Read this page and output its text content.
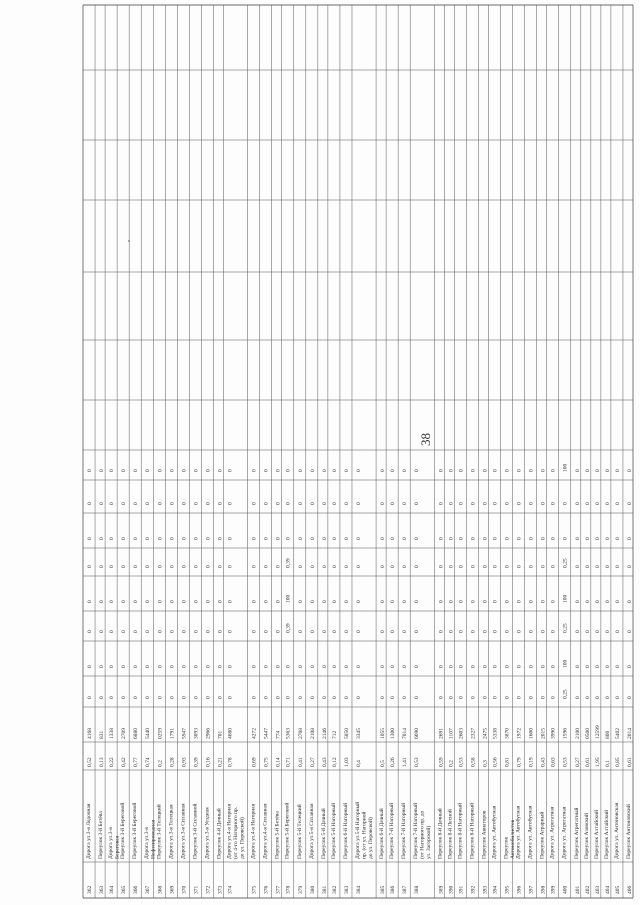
362
Дорога ул.3-я Лодочная
0,52
4168
0
0
0
0
0
0
0
0
363
Переулок 3-й Бетёва
0,13
831
0
0
0
0
0
0
0
0
364
Дорога ул.3-я Береговая
0,22
1338
0
0
0
0
0
0
0
0
365
Переулок 3-й Береговой
0,42
2709
0
0
0
0
0
0
0
0
366
Переулок 3-й Береговой
0,77
6880
0
0
0
0
0
0
0
0
367
Дорога ул.3-я Нефтепроводная
0,74
5440
0
0
0
0
0
0
0
0
368
Переулок 3-й Телецкий
0,2
0259
0
0
0
0
0
0
0
0
369
Дорога ул.3-я Телецкая
0,28
1791
0
0
0
0
0
0
0
0
370
Дорога ул.3-я Сплавная
0,93
5947
0
0
0
0
0
0
0
0
371
Переулок 3-й Сплавной
0,39
3093
0
0
0
0
0
0
0
0
372
Дорога ул.3-я Уездная
0,16
2966
0
0
0
0
0
0
0
0
373
Переулок 4-й Дачный
0,21
701
0
0
0
0
0
0
0
0
374
Дорога ул.4-я Нагорная (от 4-го Нагорного пр. до ул. Перовской)
0,78
4680
0
0
0
0
0
0
0
0
375
Дорога ул.4-я Нагорная
0,69
4272
0
0
0
0
0
0
0
0
376
Дорога ул.4-я Сплавная
0,75
5447
0
0
0
0
0
0
0
0
377
Переулок 5-й Бетёва
0,14
774
0
0
0
0
0
0
0
0
378
Переулок 5-й Береговой
0,71
5363
0
0
0,39
100
0,39
0
0
0
379
Переулок 5-й Телецкий
0,41
2708
0
0
0
0
0
0
0
0
380
Дорога ул.5-я Сплавная
0,27
2108
0
0
0
0
0
0
0
0
381
Переулок 5-й Дачный
0,43
2146
0
0
0
0
0
0
0
0
382
Переулок 5-й Нагорный
0,12
712
0
0
0
0
0
0
0
0
383
Переулок 6-й Нагорный
1,03
5850
0
0
0
0
0
0
0
0
384
Дорога ул.5-й Нагорный пр. (от ул. Нагорной до ул. Перовской)
0,4
3345
0
0
0
0
0
0
0
0
385
Переулок 6-й Дачный
0,5
1055
0
0
0
0
0
0
0
0
386
Переулок 7-й Нагорный
0,26
1300
0
0
0
0
0
0
0
0
387
Переулок 7-й Нагорный
1,41
7014
0
0
0
0
0
0
0
0
388
Переулок 7-й Нагорный (от Нагорного пр. до ул. Загорской)
0,53
6690
0
0
0
0
0
0
0
0
389
Переулок 8-й Дачный
0,59
2691
0
0
0
0
0
0
0
0
390
Переулок 8-й Лесной
0,2
1107
0
0
0
0
0
0
0
0
391
Переулок 8-й Нагорный
0,53
2603
0
0
0
0
0
0
0
0
392
Переулок 8-й Нагорный
0,58
2327
0
0
0
0
0
0
0
0
393
Переулок Авиаторов
0,3
2475
0
0
0
0
0
0
0
0
394
Дорога ул. Автобусная
0,56
5338
0
0
0
0
0
0
0
0
395
Переулок Автомобилистов
0,81
3870
0
0
0
0
0
0
0
0
396
Дорога ул. Автобусная
0,79
1972
0
0
0
0
0
0
0
0
397
Дорога ул. Автобусная
0,19
1600
0
0
0
0
0
0
0
0
398
Переулок Аграрный
0,43
2015
0
0
0
0
0
0
0
0
399
Дорога ул. Агрегатная
0,63
3990
0
0
0
0
0
0
0
0
400
Дорога ул. Агрегатная
0,53
1596
0,25
100
0,25
100
0,25
0
0
100
401
Переулок Агрегатный
0,27
2100
0
0
0
0
0
0
0
0
402
Переулок Азовский
0,61
0500
0
0
0
0
0
0
0
0
403
Переулок Алтайский
1,95
12599
0
0
0
0
0
0
0
0
404
Переулок Алтайский
0,1
800
0
0
0
0
0
0
0
0
405
Дорога ул. Антоновская
0,85
5402
0
0
0
0
0
0
0
0
406
Переулок Антоновский
0,61
2014
0
0
0
0
0
0
0
0
38
